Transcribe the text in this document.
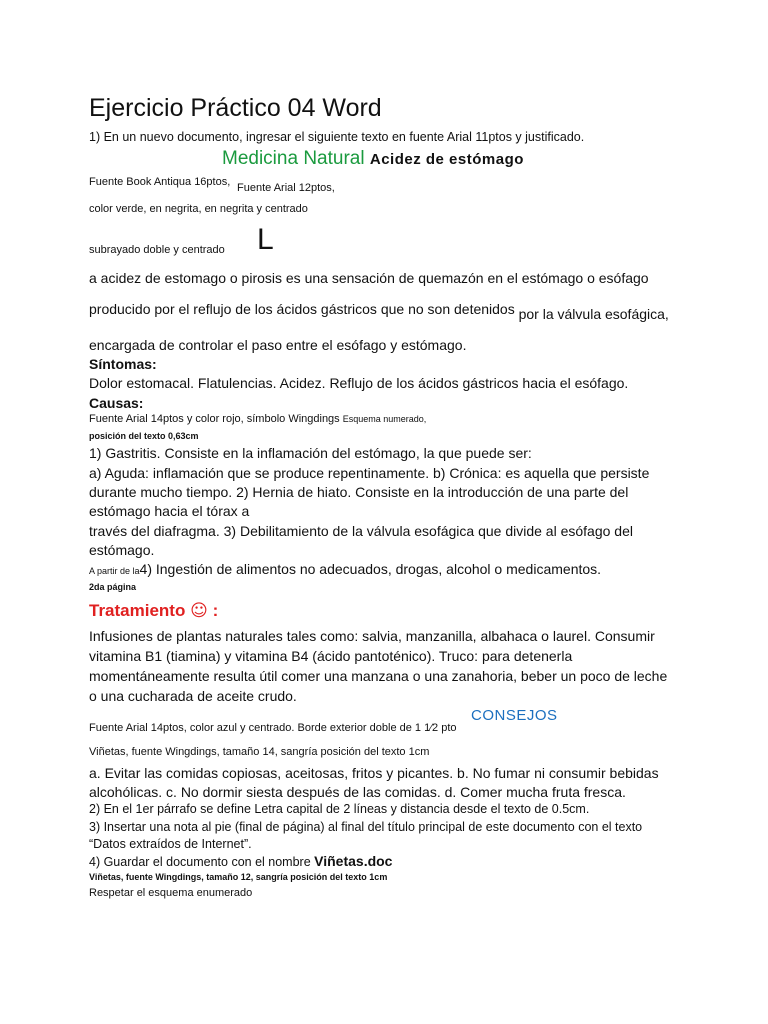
Ejercicio Práctico 04 Word
1) En un nuevo documento, ingresar el siguiente texto en fuente Arial 11ptos y justificado.
Medicina Natural Acidez de estómago
Fuente Book Antiqua 16ptos, Fuente Arial 12ptos,
color verde, en negrita, en negrita y centrado
subrayado doble y centrado L
a acidez de estomago o pirosis es una sensación de quemazón en el estómago o esófago
producido por el reflujo de los ácidos gástricos que no son detenidos por la válvula esofágica,
encargada de controlar el paso entre el esófago y estómago.
Síntomas:
Dolor estomacal. Flatulencias. Acidez. Reflujo de los ácidos gástricos hacia el esófago.
Causas:
Fuente Arial 14ptos y color rojo, símbolo Wingdings Esquema numerado,
posición del texto 0,63cm
1) Gastritis. Consiste en la inflamación del estómago, la que puede ser:
a) Aguda: inflamación que se produce repentinamente. b) Crónica: es aquella que persiste durante mucho tiempo. 2) Hernia de hiato. Consiste en la introducción de una parte del estómago hacia el tórax a
través del diafragma. 3) Debilitamiento de la válvula esofágica que divide al esófago del estómago.
A partir de la4) Ingestión de alimentos no adecuados, drogas, alcohol o medicamentos.
2da página
Tratamiento ☺ :
Infusiones de plantas naturales tales como: salvia, manzanilla, albahaca o laurel. Consumir vitamina B1 (tiamina) y vitamina B4 (ácido pantoténico). Truco: para detenerla momentáneamente resulta útil comer una manzana o una zanahoria, beber un poco de leche o una cucharada de aceite crudo.
Fuente Arial 14ptos, color azul y centrado. Borde exterior doble de 1 1⁄2 pto
CONSEJOS
Viñetas, fuente Wingdings, tamaño 14, sangría posición del texto 1cm
a. Evitar las comidas copiosas, aceitosas, fritos y picantes. b. No fumar ni consumir bebidas alcohólicas. c. No dormir siesta después de las comidas. d. Comer mucha fruta fresca.
2) En el 1er párrafo se define Letra capital de 2 líneas y distancia desde el texto de 0.5cm.
3) Insertar una nota al pie (final de página) al final del título principal de este documento con el texto
“Datos extraídos de Internet”.
4) Guardar el documento con el nombre Viñetas.doc
Viñetas, fuente Wingdings, tamaño 12, sangría posición del texto 1cm
Respetar el esquema enumerado
